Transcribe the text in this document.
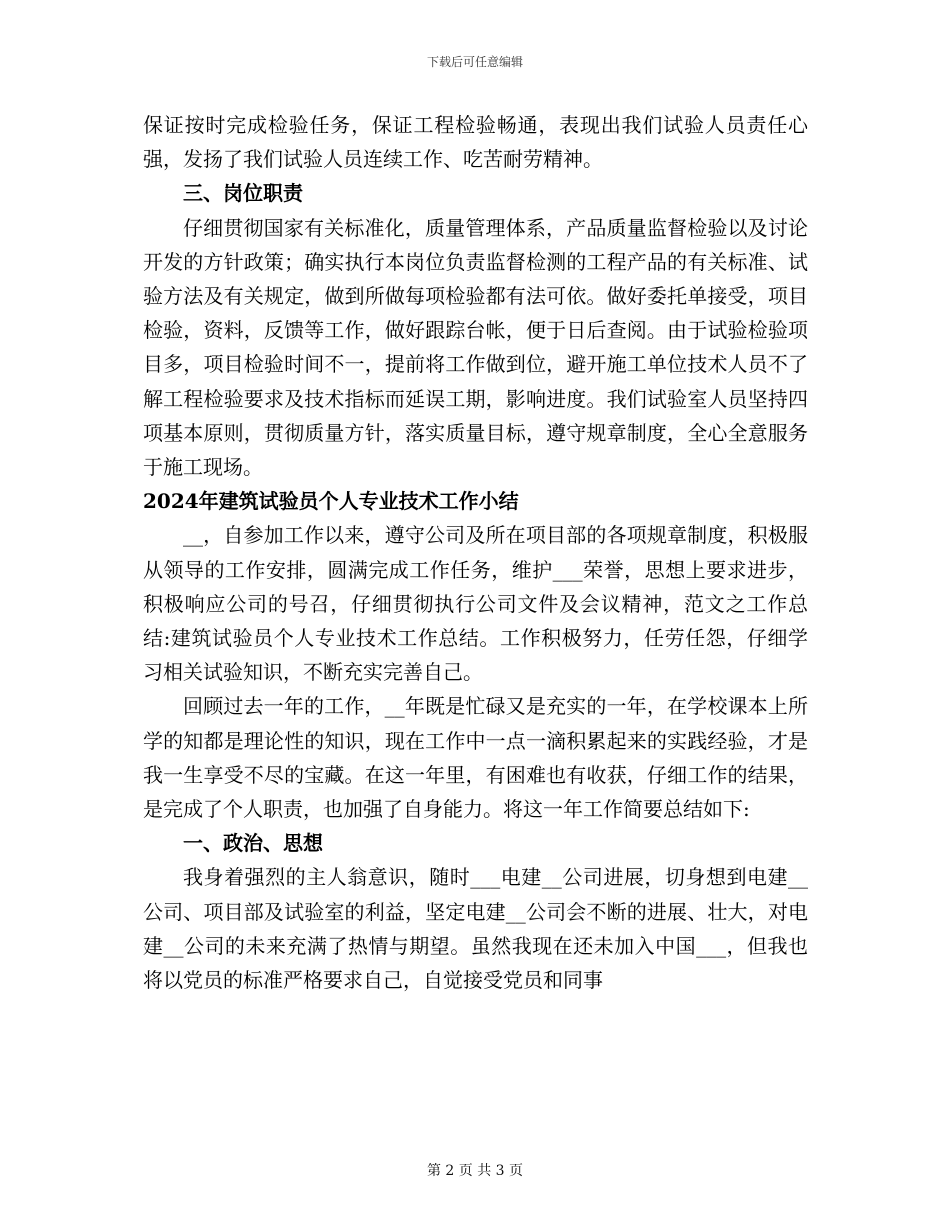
下载后可任意编辑

保证按时完成检验任务，保证工程检验畅通，表现出我们试验人员责任心强，发扬了我们试验人员连续工作、吃苦耐劳精神。

三、岗位职责

仔细贯彻国家有关标准化，质量管理体系，产品质量监督检验以及讨论开发的方针政策；确实执行本岗位负责监督检测的工程产品的有关标准、试验方法及有关规定，做到所做每项检验都有法可依。做好委托单接受，项目检验，资料，反馈等工作，做好跟踪台帐，便于日后查阅。由于试验检验项目多，项目检验时间不一，提前将工作做到位，避开施工单位技术人员不了解工程检验要求及技术指标而延误工期，影响进度。我们试验室人员坚持四项基本原则，贯彻质量方针，落实质量目标，遵守规章制度，全心全意服务于施工现场。

2024年建筑试验员个人专业技术工作小结

__，自参加工作以来，遵守公司及所在项目部的各项规章制度，积极服从领导的工作安排，圆满完成工作任务，维护___荣誉，思想上要求进步，积极响应公司的号召，仔细贯彻执行公司文件及会议精神，范文之工作总结:建筑试验员个人专业技术工作总结。工作积极努力，任劳任怨，仔细学习相关试验知识，不断充实完善自己。

回顾过去一年的工作，__年既是忙碌又是充实的一年，在学校课本上所学的知都是理论性的知识，现在工作中一点一滴积累起来的实践经验，才是我一生享受不尽的宝藏。在这一年里，有困难也有收获，仔细工作的结果，是完成了个人职责，也加强了自身能力。将这一年工作简要总结如下:

一、政治、思想

我身着强烈的主人翁意识，随时___电建__公司进展，切身想到电建__公司、项目部及试验室的利益，坚定电建__公司会不断的进展、壮大，对电建__公司的未来充满了热情与期望。虽然我现在还未加入中国___，但我也将以党员的标准严格要求自己，自觉接受党员和同事

第 2 页 共 3 页
